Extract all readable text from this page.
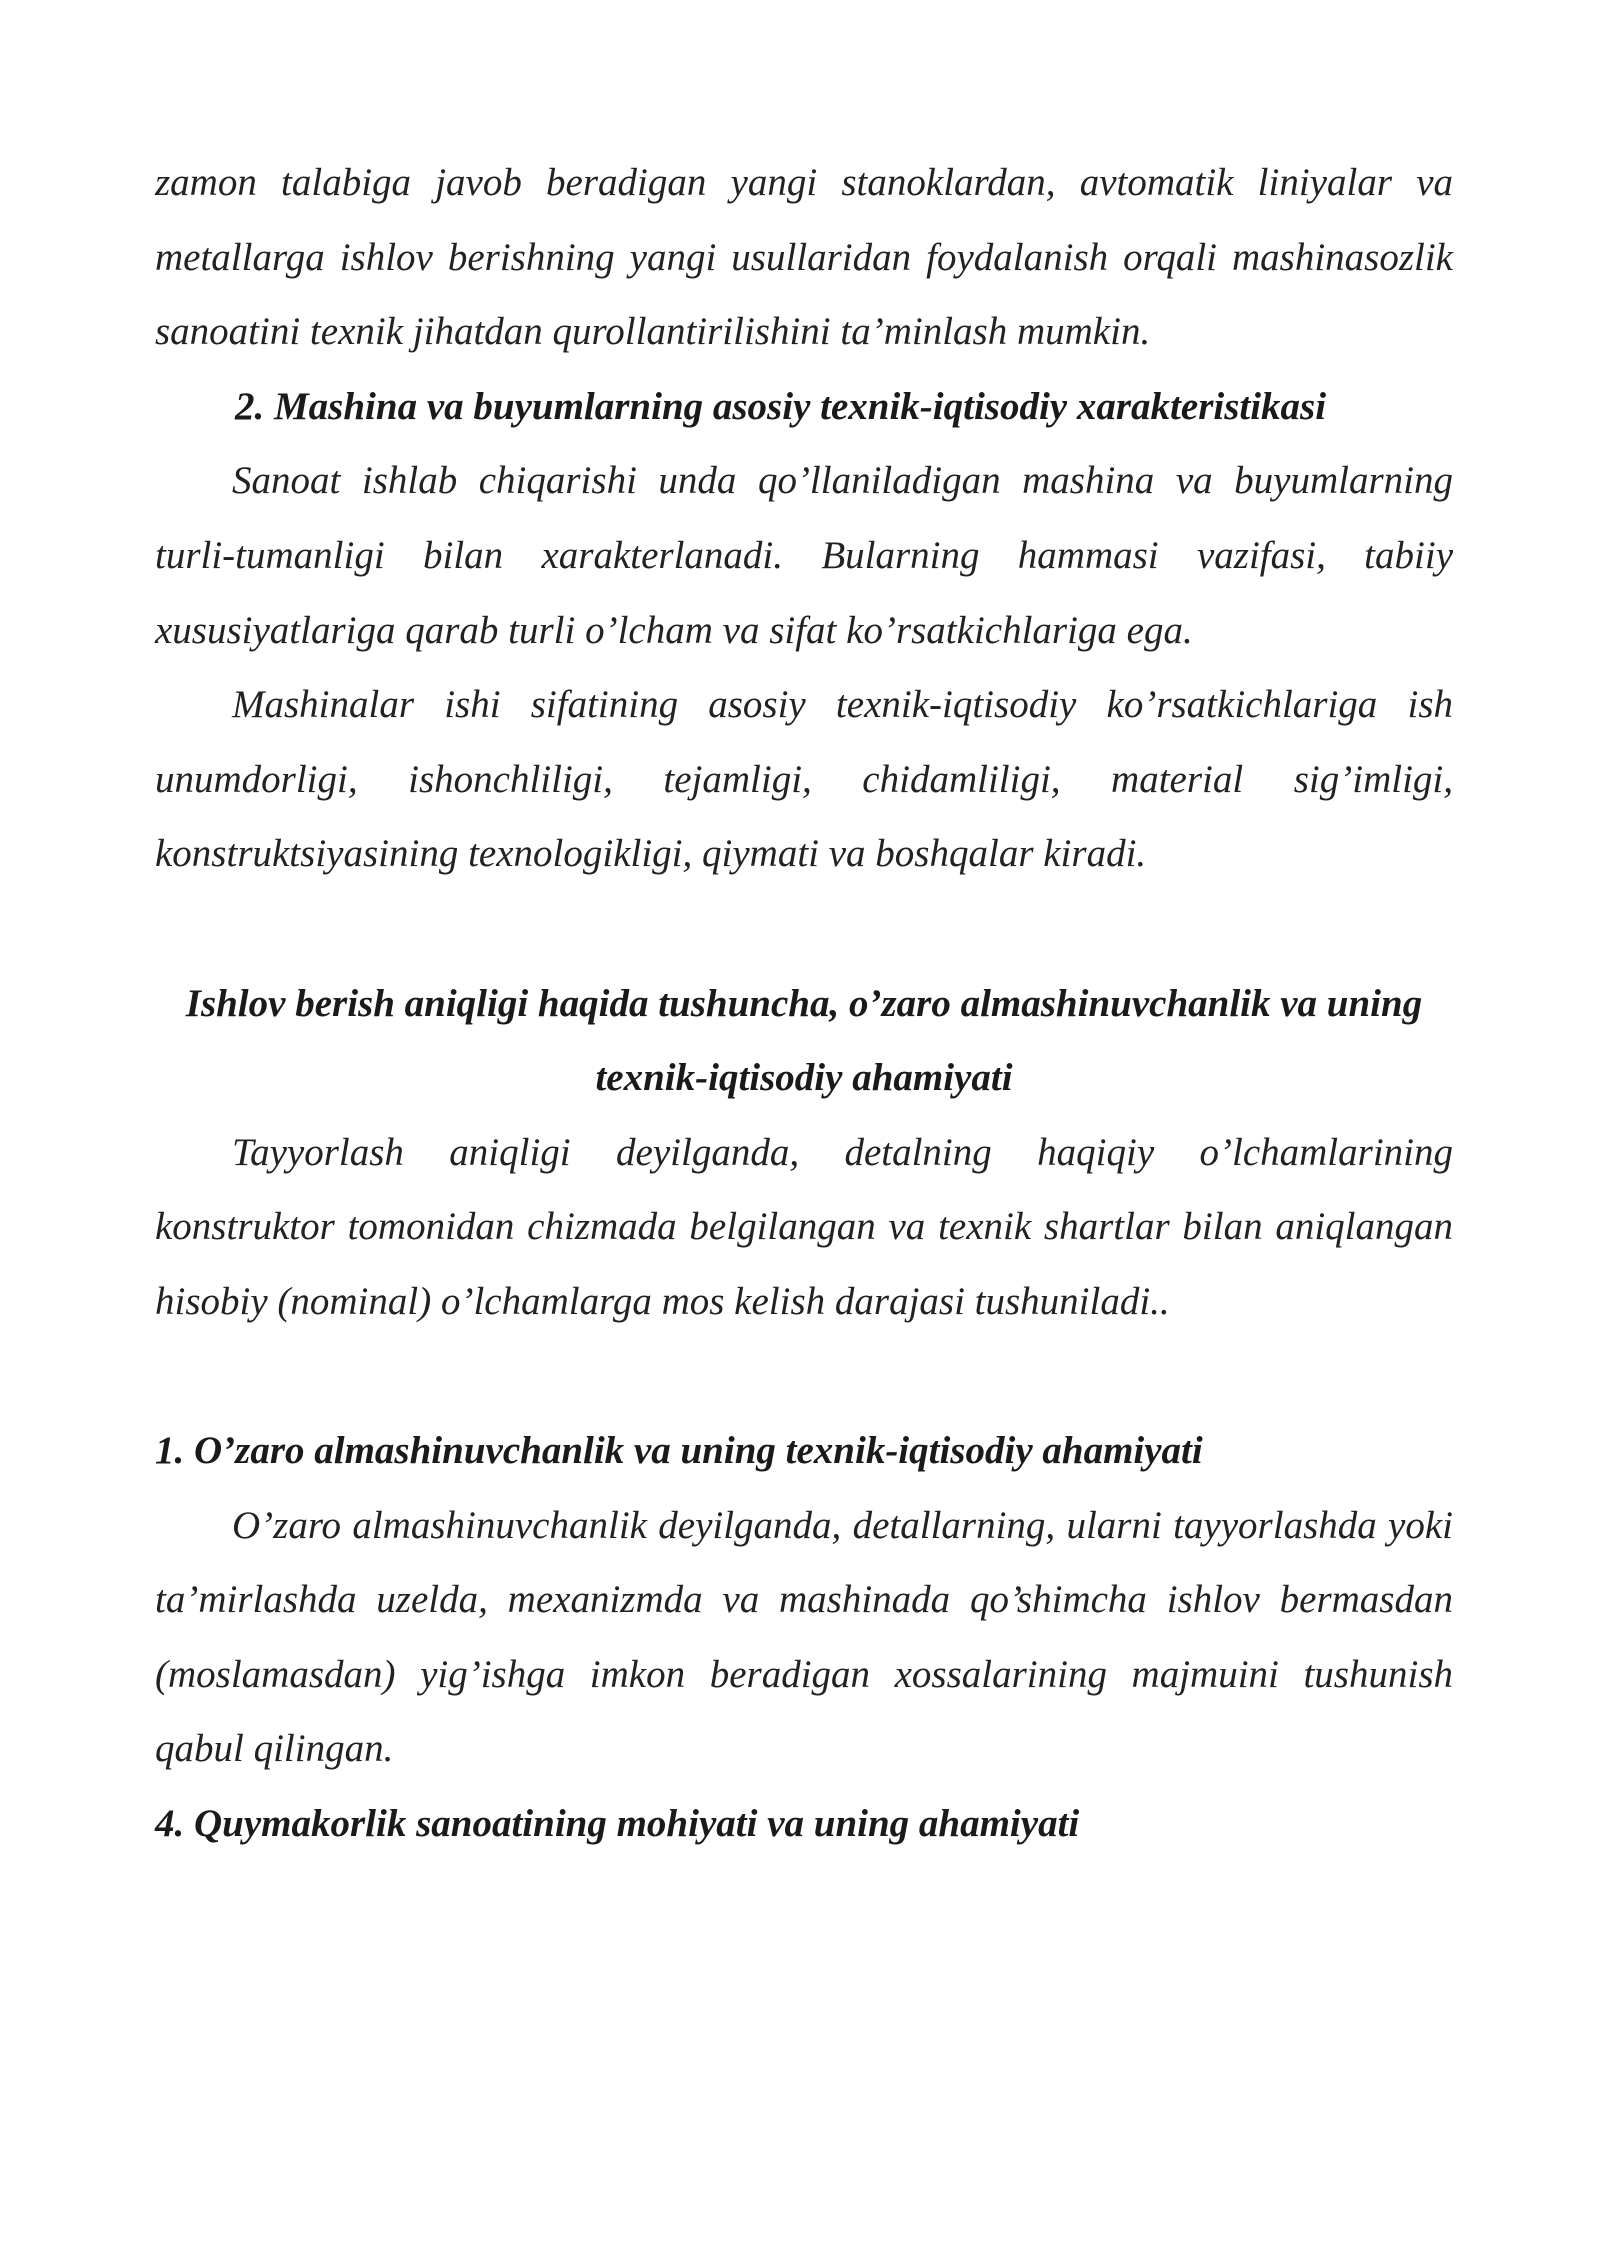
zamon talabiga javob beradigan yangi stanoklardan, avtomatik liniyalar va metallarga ishlov berishning yangi usullaridan foydalanish orqali mashinasozlik sanoatini texnik jihatdan qurollantirilishini ta’minlash mumkin.

2. Mashina va buyumlarning asosiy texnik-iqtisodiy xarakteristikasi

Sanoat ishlab chiqarishi unda qo’llaniladigan mashina va buyumlarning turli-tumanligi bilan xarakterlanadi. Bularning hammasi vazifasi, tabiiy xususiyatlariga qarab turli o’lcham va sifat ko’rsatkichlariga ega.

Mashinalar ishi sifatining asosiy texnik-iqtisodiy ko’rsatkichlariga ish unumdorligi, ishonchliligi, tejamligi, chidamliligi, material sig’imligi, konstruktsiyasining texnologikligi, qiymati va boshqalar kiradi.

Ishlov berish aniqligi haqida tushuncha, o’zaro almashinuvchanlik va uning texnik-iqtisodiy ahamiyati

Tayyorlash aniqligi deyilganda, detalning haqiqiy o’lchamlarining konstruktor tomonidan chizmada belgilangan va texnik shartlar bilan aniqlangan hisobiy (nominal) o’lchamlarga mos kelish darajasi tushuniladi..

1. O’zaro almashinuvchanlik va uning texnik-iqtisodiy ahamiyati

O’zaro almashinuvchanlik deyilganda, detallarning, ularni tayyorlashda yoki ta’mirlashda uzelda, mexanizmda va mashinada qo’shimcha ishlov bermasdan (moslamasdan) yig’ishga imkon beradigan xossalarining majmuini tushunish qabul qilingan.

4. Quymakorlik sanoatining mohiyati va uning ahamiyati
